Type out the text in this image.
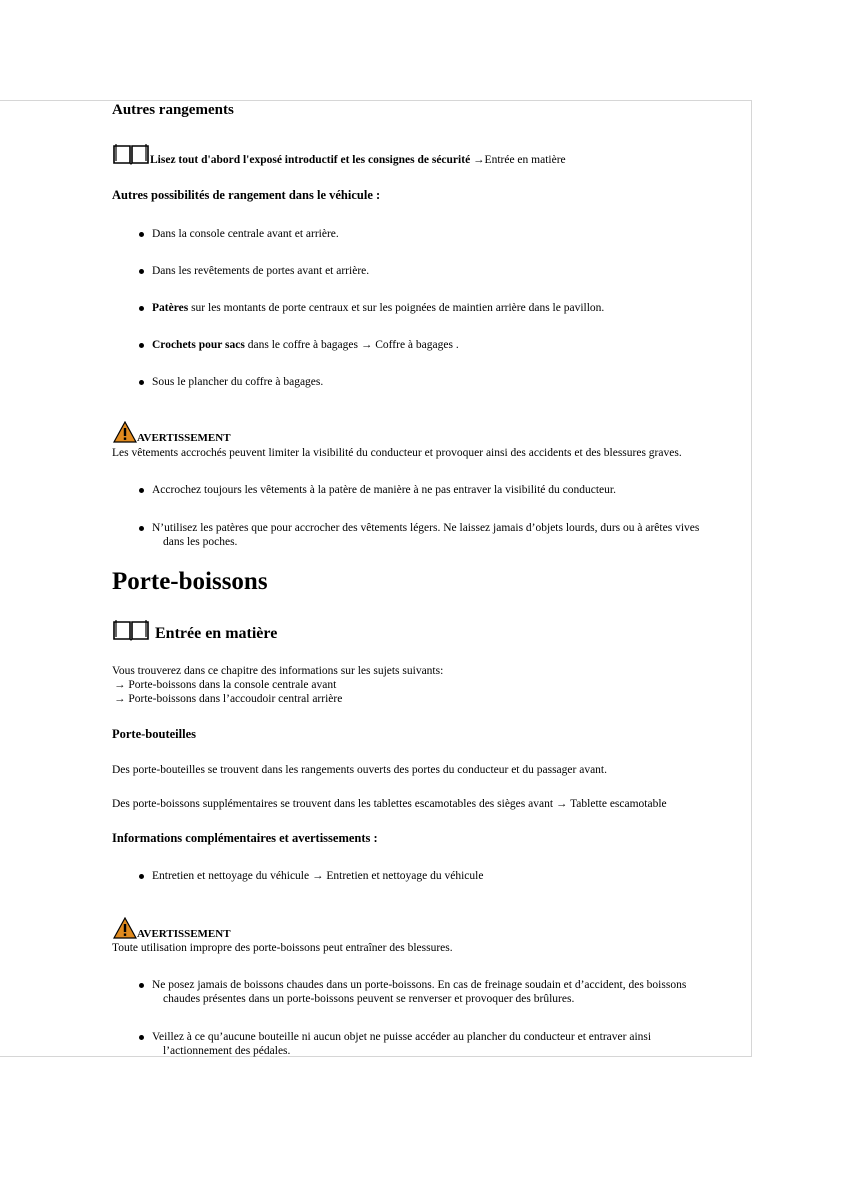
Autres rangements
Lisez tout d'abord l'exposé introductif et les consignes de sécurité →Entrée en matière
Autres possibilités de rangement dans le véhicule :
Dans la console centrale avant et arrière.
Dans les revêtements de portes avant et arrière.
Patères sur les montants de porte centraux et sur les poignées de maintien arrière dans le pavillon.
Crochets pour sacs dans le coffre à bagages → Coffre à bagages .
Sous le plancher du coffre à bagages.
AVERTISSEMENT
Les vêtements accrochés peuvent limiter la visibilité du conducteur et provoquer ainsi des accidents et des blessures graves.
Accrochez toujours les vêtements à la patère de manière à ne pas entraver la visibilité du conducteur.
N’utilisez les patères que pour accrocher des vêtements légers. Ne laissez jamais d’objets lourds, durs ou à arêtes vives
dans les poches.
Porte-boissons
Entrée en matière
Vous trouverez dans ce chapitre des informations sur les sujets suivants:
→ Porte-boissons dans la console centrale avant
→ Porte-boissons dans l’accoudoir central arrière
Porte-bouteilles
Des porte-bouteilles se trouvent dans les rangements ouverts des portes du conducteur et du passager avant.
Des porte-boissons supplémentaires se trouvent dans les tablettes escamotables des sièges avant → Tablette escamotable
Informations complémentaires et avertissements :
Entretien et nettoyage du véhicule → Entretien et nettoyage du véhicule
AVERTISSEMENT
Toute utilisation impropre des porte-boissons peut entraîner des blessures.
Ne posez jamais de boissons chaudes dans un porte-boissons. En cas de freinage soudain et d’accident, des boissons
chaudes présentes dans un porte-boissons peuvent se renverser et provoquer des brûlures.
Veillez à ce qu’aucune bouteille ni aucun objet ne puisse accéder au plancher du conducteur et entraver ainsi
l’actionnement des pédales.
